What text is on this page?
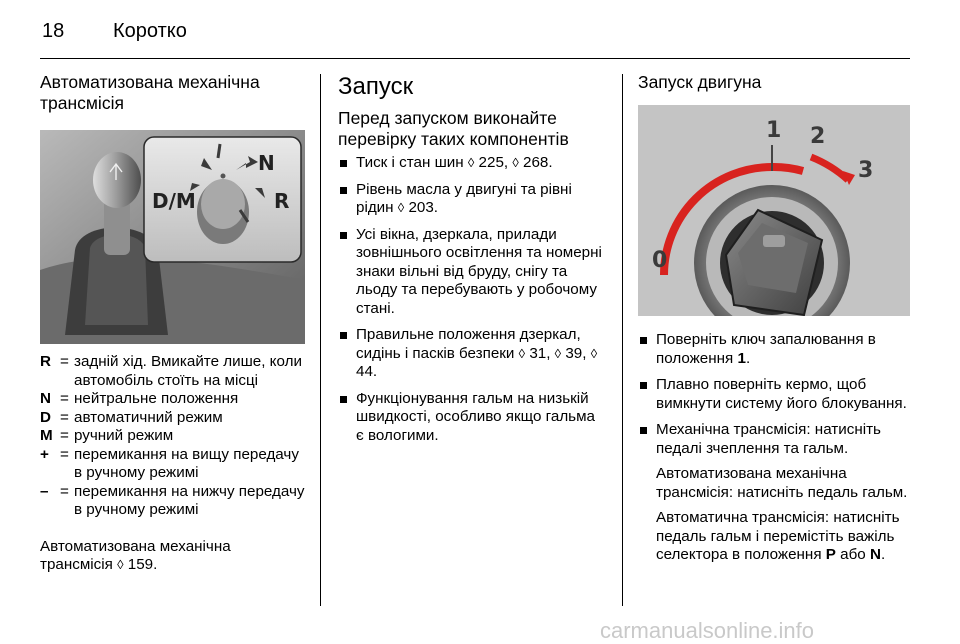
18 Коротко
Автоматизована механічна трансмісія
D/M
N
R
R = задній хід. Вмикайте лише, коли автомобіль стоїть на місці
N = нейтральне положення
D = автоматичний режим
M = ручний режим
+ = перемикання на вищу передачу в ручному режимі
– = перемикання на нижчу передачу в ручному режимі
Автоматизована механічна трансмісія ◊ 159.
Запуск
Перед запуском виконайте перевірку таких компонентів
Тиск і стан шин ◊ 225, ◊ 268.
Рівень масла у двигуні та рівні рідин ◊ 203.
Усі вікна, дзеркала, прилади зовнішнього освітлення та номерні знаки вільні від бруду, снігу та льоду та перебувають у робочому стані.
Правильне положення дзеркал, сидінь і пасків безпеки ◊ 31, ◊ 39, ◊ 44.
Функціонування гальм на низькій швидкості, особливо якщо гальма є вологими.
Запуск двигуна
1 2
3
0
Поверніть ключ запалювання в положення 1.
Плавно поверніть кермо, щоб вимкнути систему його блокування.
Механічна трансмісія: натисніть педалі зчеплення та гальм.
Автоматизована механічна трансмісія: натисніть педаль гальм.
Автоматична трансмісія: натисніть педаль гальм і перемістіть важіль селектора в положення P або N.
carmanualsonline.info
